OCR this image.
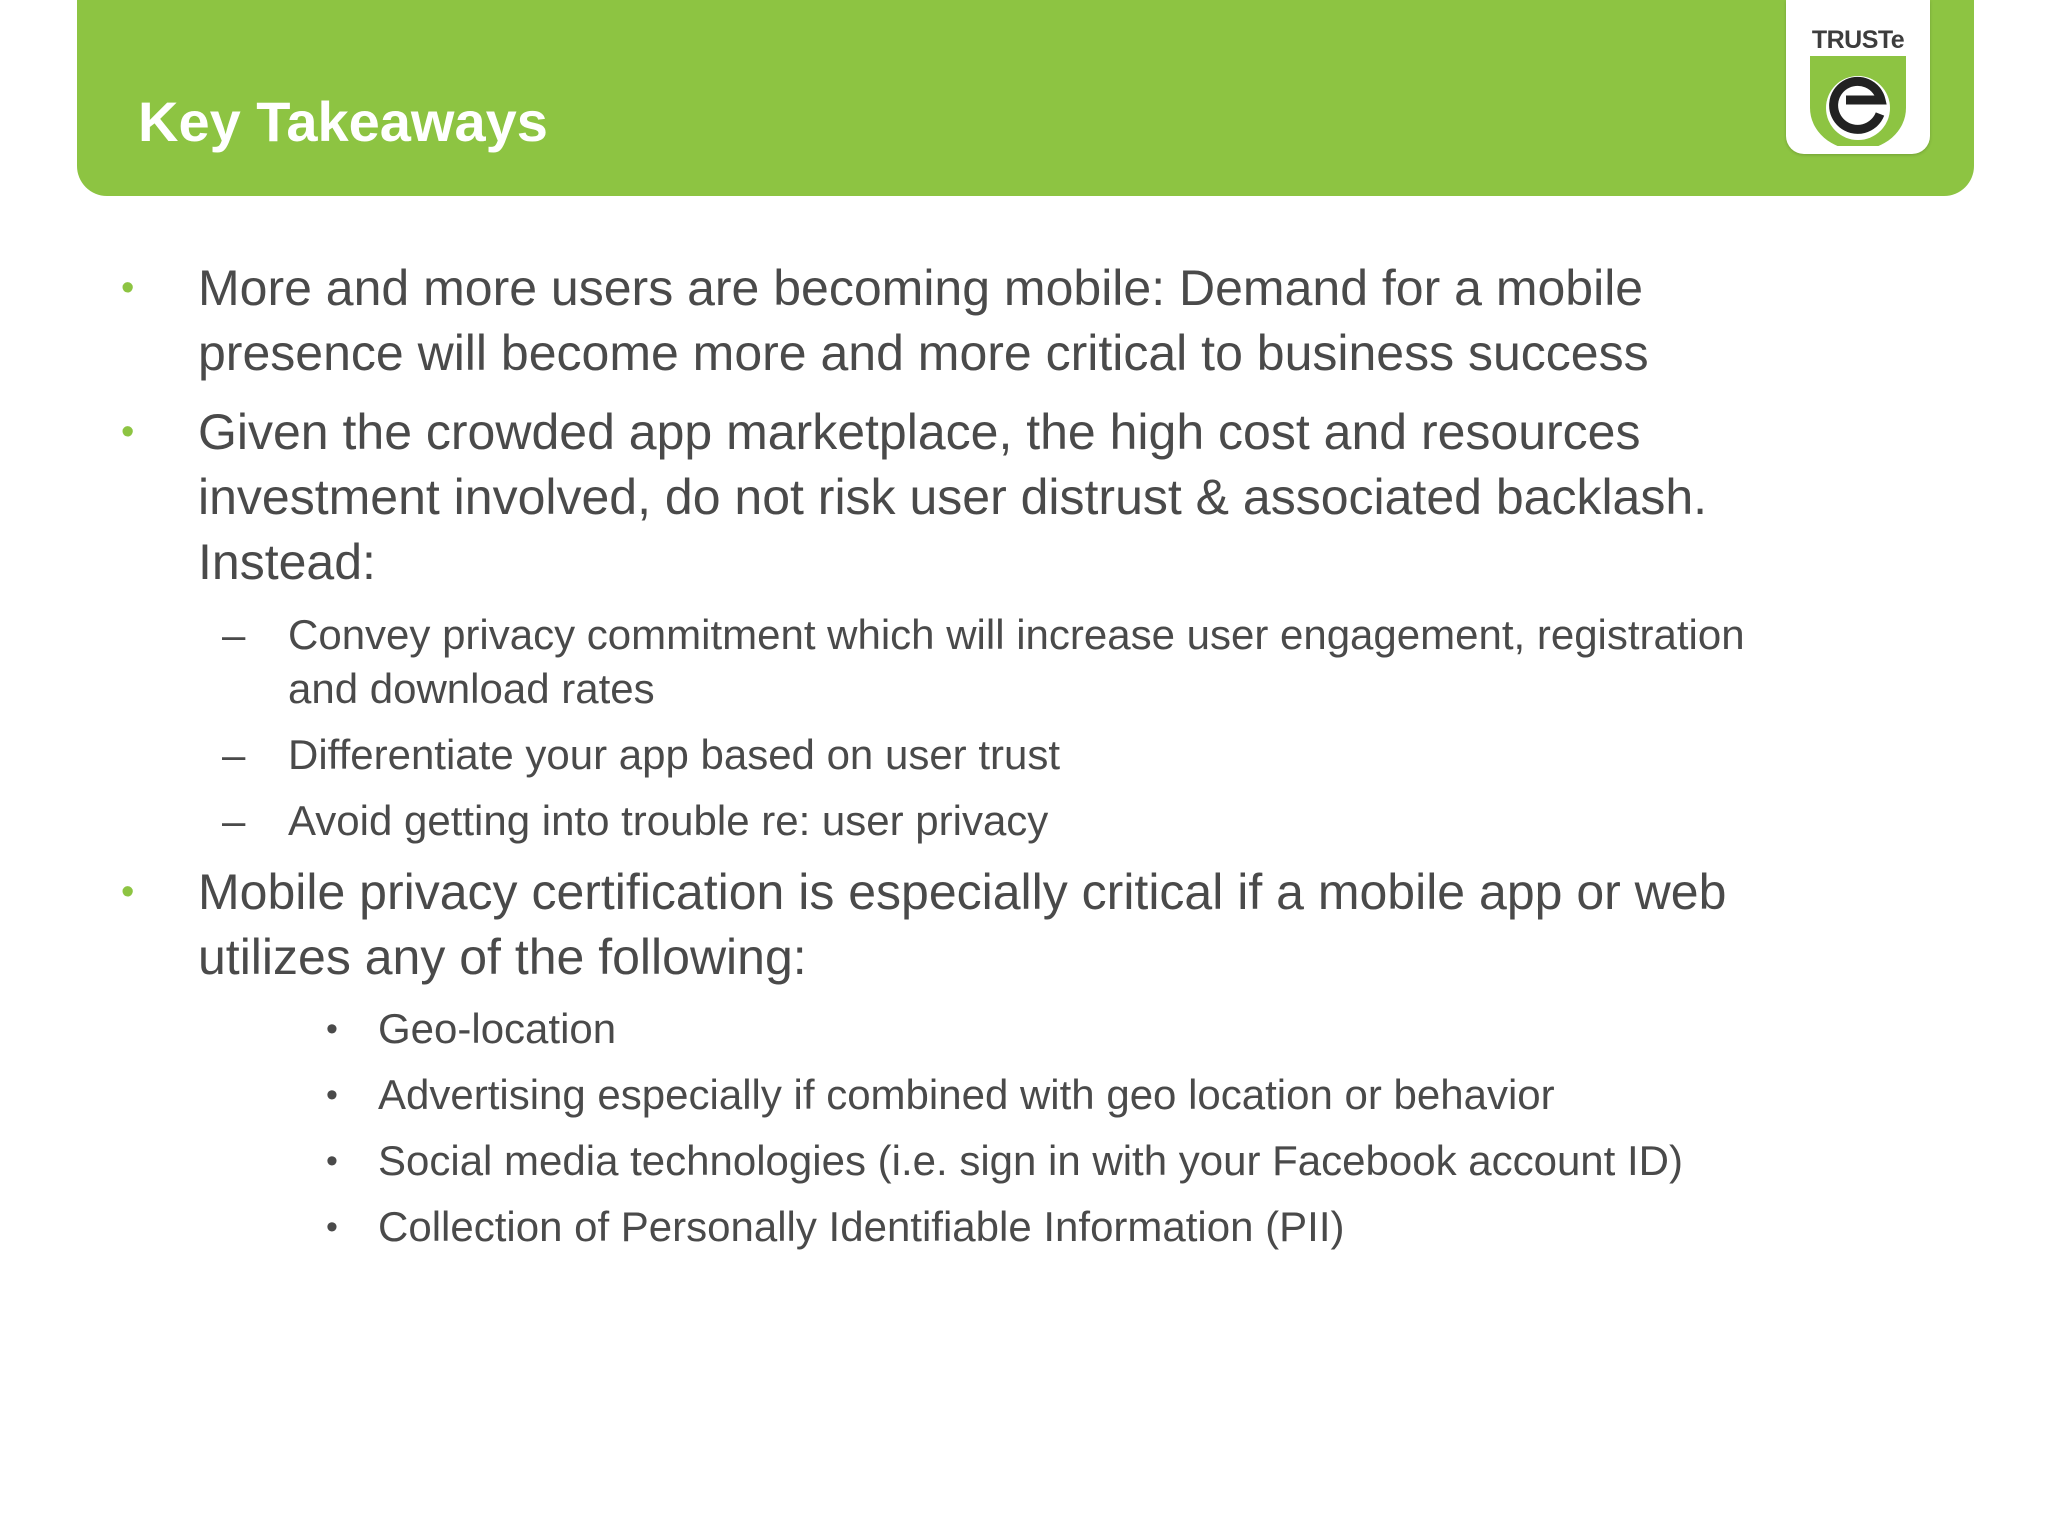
Key Takeaways
TRUSTe
• More and more users are becoming mobile: Demand for a mobile
presence will become more and more critical to business success
• Given the crowded app marketplace, the high cost and resources
investment involved, do not risk user distrust & associated backlash.
Instead:
– Convey privacy commitment which will increase user engagement, registration
and download rates
– Differentiate your app based on user trust
– Avoid getting into trouble re: user privacy
• Mobile privacy certification is especially critical if a mobile app or web
utilizes any of the following:
• Geo-location
• Advertising especially if combined with geo location or behavior
• Social media technologies (i.e. sign in with your Facebook account ID)
• Collection of Personally Identifiable Information (PII)
